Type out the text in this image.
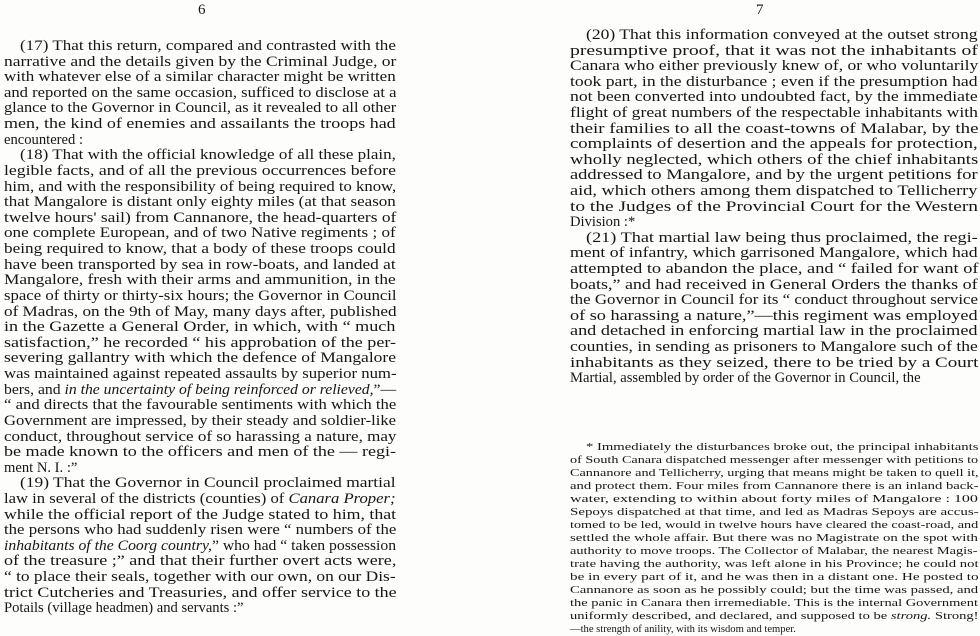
6
(17) That this return, compared and contrasted with the
narrative and the details given by the Criminal Judge, or
with whatever else of a similar character might be written
and reported on the same occasion, sufficed to disclose at a
glance to the Governor in Council, as it revealed to all other
men, the kind of enemies and assailants the troops had
encountered :
(18) That with the official knowledge of all these plain,
legible facts, and of all the previous occurrences before
him, and with the responsibility of being required to know,
that Mangalore is distant only eighty miles (at that season
twelve hours' sail) from Cannanore, the head-quarters of
one complete European, and of two Native regiments ; of
being required to know, that a body of these troops could
have been transported by sea in row-boats, and landed at
Mangalore, fresh with their arms and ammunition, in the
space of thirty or thirty-six hours; the Governor in Council
of Madras, on the 9th of May, many days after, published
in the Gazette a General Order, in which, with “ much
satisfaction,” he recorded “ his approbation of the per-
severing gallantry with which the defence of Mangalore
was maintained against repeated assaults by superior num-
bers, and in the uncertainty of being reinforced or relieved,”—
“ and directs that the favourable sentiments with which the
Government are impressed, by their steady and soldier-like
conduct, throughout service of so harassing a nature, may
be made known to the officers and men of the — regi-
ment N. I. :”
(19) That the Governor in Council proclaimed martial
law in several of the districts (counties) of Canara Proper;
while the official report of the Judge stated to him, that
the persons who had suddenly risen were “ numbers of the
inhabitants of the Coorg country,” who had “ taken possession
of the treasure ;” and that their further overt acts were,
“ to place their seals, together with our own, on our Dis-
trict Cutcheries and Treasuries, and offer service to the
Potails (village headmen) and servants :”
7
(20) That this information conveyed at the outset strong
presumptive proof, that it was not the inhabitants of
Canara who either previously knew of, or who voluntarily
took part, in the disturbance ; even if the presumption had
not been converted into undoubted fact, by the immediate
flight of great numbers of the respectable inhabitants with
their families to all the coast-towns of Malabar, by the
complaints of desertion and the appeals for protection,
wholly neglected, which others of the chief inhabitants
addressed to Mangalore, and by the urgent petitions for
aid, which others among them dispatched to Tellicherry
to the Judges of the Provincial Court for the Western
Division :*
(21) That martial law being thus proclaimed, the regi-
ment of infantry, which garrisoned Mangalore, which had
attempted to abandon the place, and “ failed for want of
boats,” and had received in General Orders the thanks of
the Governor in Council for its “ conduct throughout service
of so harassing a nature,”—this regiment was employed
and detached in enforcing martial law in the proclaimed
counties, in sending as prisoners to Mangalore such of the
inhabitants as they seized, there to be tried by a Court
Martial, assembled by order of the Governor in Council, the
* Immediately the disturbances broke out, the principal inhabitants
of South Canara dispatched messenger after messenger with petitions to
Cannanore and Tellicherry, urging that means might be taken to quell it,
and protect them. Four miles from Cannanore there is an inland back-
water, extending to within about forty miles of Mangalore : 100
Sepoys dispatched at that time, and led as Madras Sepoys are accus-
tomed to be led, would in twelve hours have cleared the coast-road, and
settled the whole affair. But there was no Magistrate on the spot with
authority to move troops. The Collector of Malabar, the nearest Magis-
trate having the authority, was left alone in his Province; he could not
be in every part of it, and he was then in a distant one. He posted to
Cannanore as soon as he possibly could; but the time was passed, and
the panic in Canara then irremediable. This is the internal Government
uniformly described, and declared, and supposed to be strong. Strong!
—the strength of anility, with its wisdom and temper.
